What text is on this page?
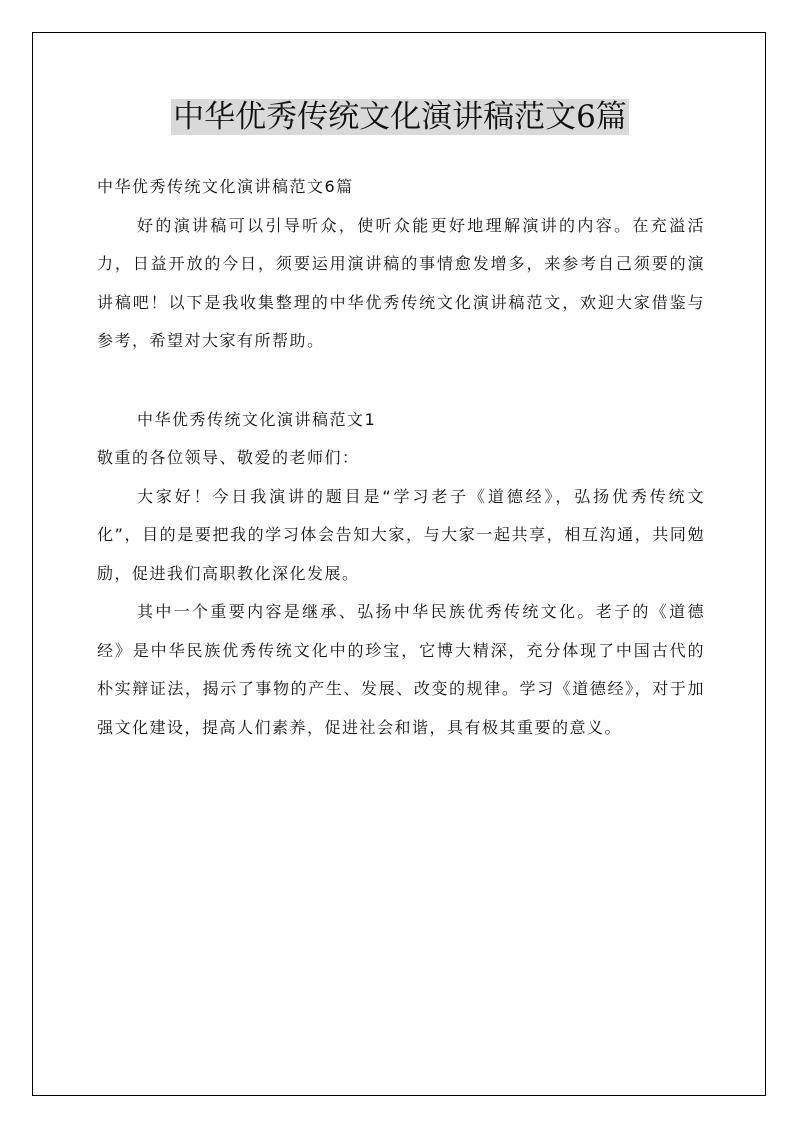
中华优秀传统文化演讲稿范文6篇

中华优秀传统文化演讲稿范文6篇

好的演讲稿可以引导听众，使听众能更好地理解演讲的内容。在充溢活力，日益开放的今日，须要运用演讲稿的事情愈发增多，来参考自己须要的演讲稿吧！以下是我收集整理的中华优秀传统文化演讲稿范文，欢迎大家借鉴与参考，希望对大家有所帮助。

中华优秀传统文化演讲稿范文1

敬重的各位领导、敬爱的老师们：

大家好！今日我演讲的题目是“学习老子《道德经》，弘扬优秀传统文化”，目的是要把我的学习体会告知大家，与大家一起共享，相互沟通，共同勉励，促进我们高职教化深化发展。

其中一个重要内容是继承、弘扬中华民族优秀传统文化。老子的《道德经》是中华民族优秀传统文化中的珍宝，它博大精深，充分体现了中国古代的朴实辩证法，揭示了事物的产生、发展、改变的规律。学习《道德经》，对于加强文化建设，提高人们素养，促进社会和谐，具有极其重要的意义。
